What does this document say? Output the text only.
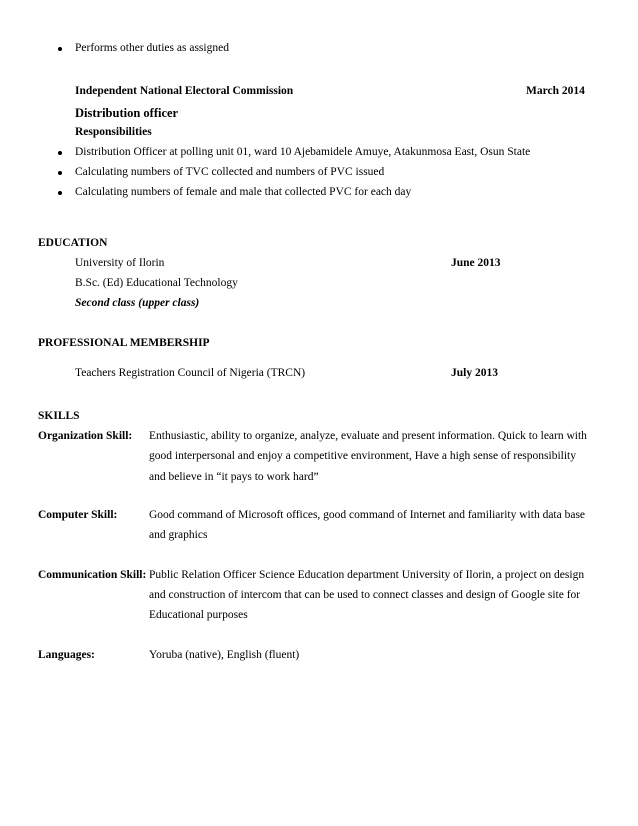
Performs other duties as assigned
Independent National Electoral Commission	March 2014
Distribution officer
Responsibilities
Distribution Officer at polling unit 01, ward 10 Ajebamidele Amuye, Atakunmosa East, Osun State
Calculating numbers of TVC collected and numbers of PVC issued
Calculating numbers of female and male that collected PVC for each day
EDUCATION
University of Ilorin	June 2013
B.Sc. (Ed) Educational Technology
Second class (upper class)
PROFESSIONAL MEMBERSHIP
Teachers Registration Council of Nigeria (TRCN)	July 2013
SKILLS
Organization Skill: Enthusiastic, ability to organize, analyze, evaluate and present information. Quick to learn with
good interpersonal and enjoy a competitive environment, Have a high sense of responsibility
and believe in “it pays to work hard”
Computer Skill:	Good command of Microsoft offices, good command of Internet and familiarity with data base
and graphics
Communication Skill: Public Relation Officer Science Education department University of Ilorin, a project on design
and construction of intercom that can be used to connect classes and design of Google site for
Educational purposes
Languages:	Yoruba (native), English (fluent)
